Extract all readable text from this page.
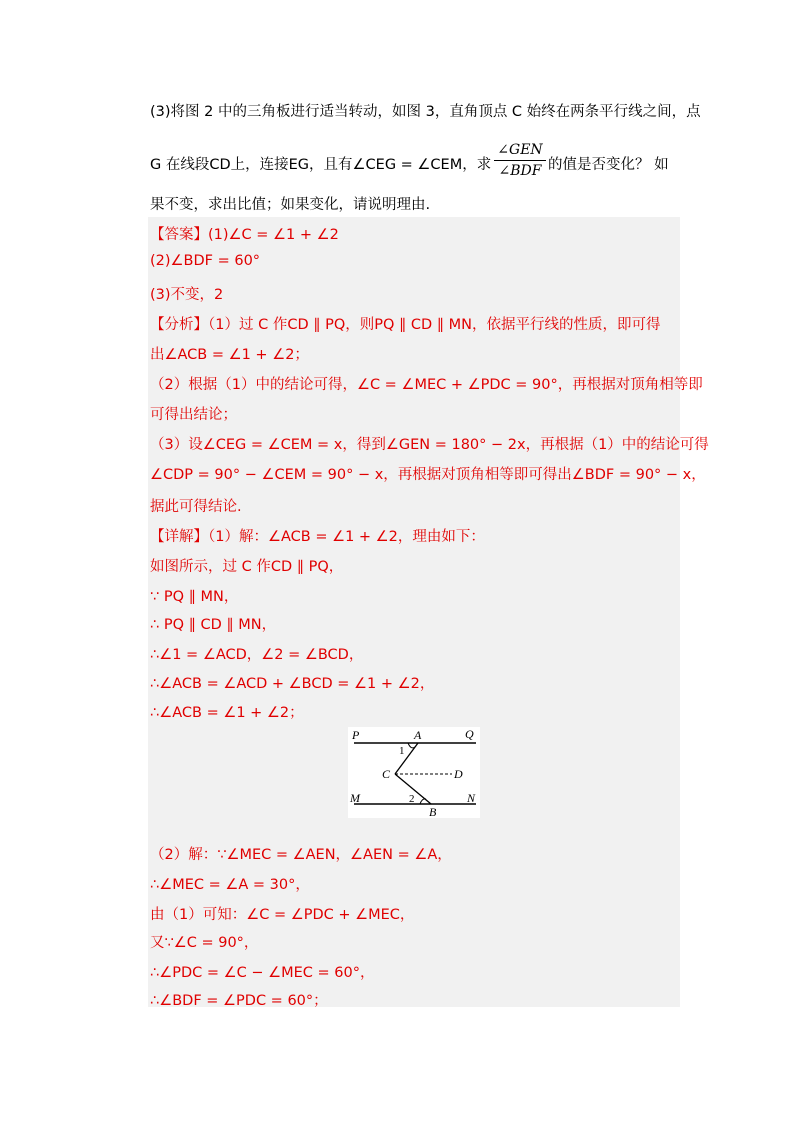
(3)将图 2 中的三角板进行适当转动，如图 3，直角顶点 C 始终在两条平行线之间，点
G 在线段CD上，连接EG，且有∠CEG = ∠CEM，求
∠GEN
∠BDF 的值是否变化？ 如
果不变，求出比值；如果变化，请说明理由.
【答案】(1)∠C = ∠1 + ∠2
(2)∠BDF = 60°
(3)不变，2
【分析】（1）过 C 作CD ∥ PQ，则PQ ∥ CD ∥ MN，依据平行线的性质，即可得
出∠ACB = ∠1 + ∠2；
（2）根据（1）中的结论可得，∠C = ∠MEC + ∠PDC = 90°，再根据对顶角相等即
可得出结论；
（3）设∠CEG = ∠CEM = x，得到∠GEN = 180° − 2x，再根据（1）中的结论可得
∠CDP = 90° − ∠CEM = 90° − x，再根据对顶角相等即可得出∠BDF = 90° − x，
据此可得结论.
【详解】（1）解：∠ACB = ∠1 + ∠2，理由如下：
如图所示，过 C 作CD ∥ PQ，
∵ PQ ∥ MN，
∴ PQ ∥ CD ∥ MN，
∴∠1 = ∠ACD，∠2 = ∠BCD，
∴∠ACB = ∠ACD + ∠BCD = ∠1 + ∠2，
∴∠ACB = ∠1 + ∠2；
P	A	Q
1
C	D
M	2	N
B
（2）解：∵∠MEC = ∠AEN，∠AEN = ∠A，
∴∠MEC = ∠A = 30°，
由（1）可知：∠C = ∠PDC + ∠MEC，
又∵∠C = 90°，
∴∠PDC = ∠C − ∠MEC = 60°，
∴∠BDF = ∠PDC = 60°；
